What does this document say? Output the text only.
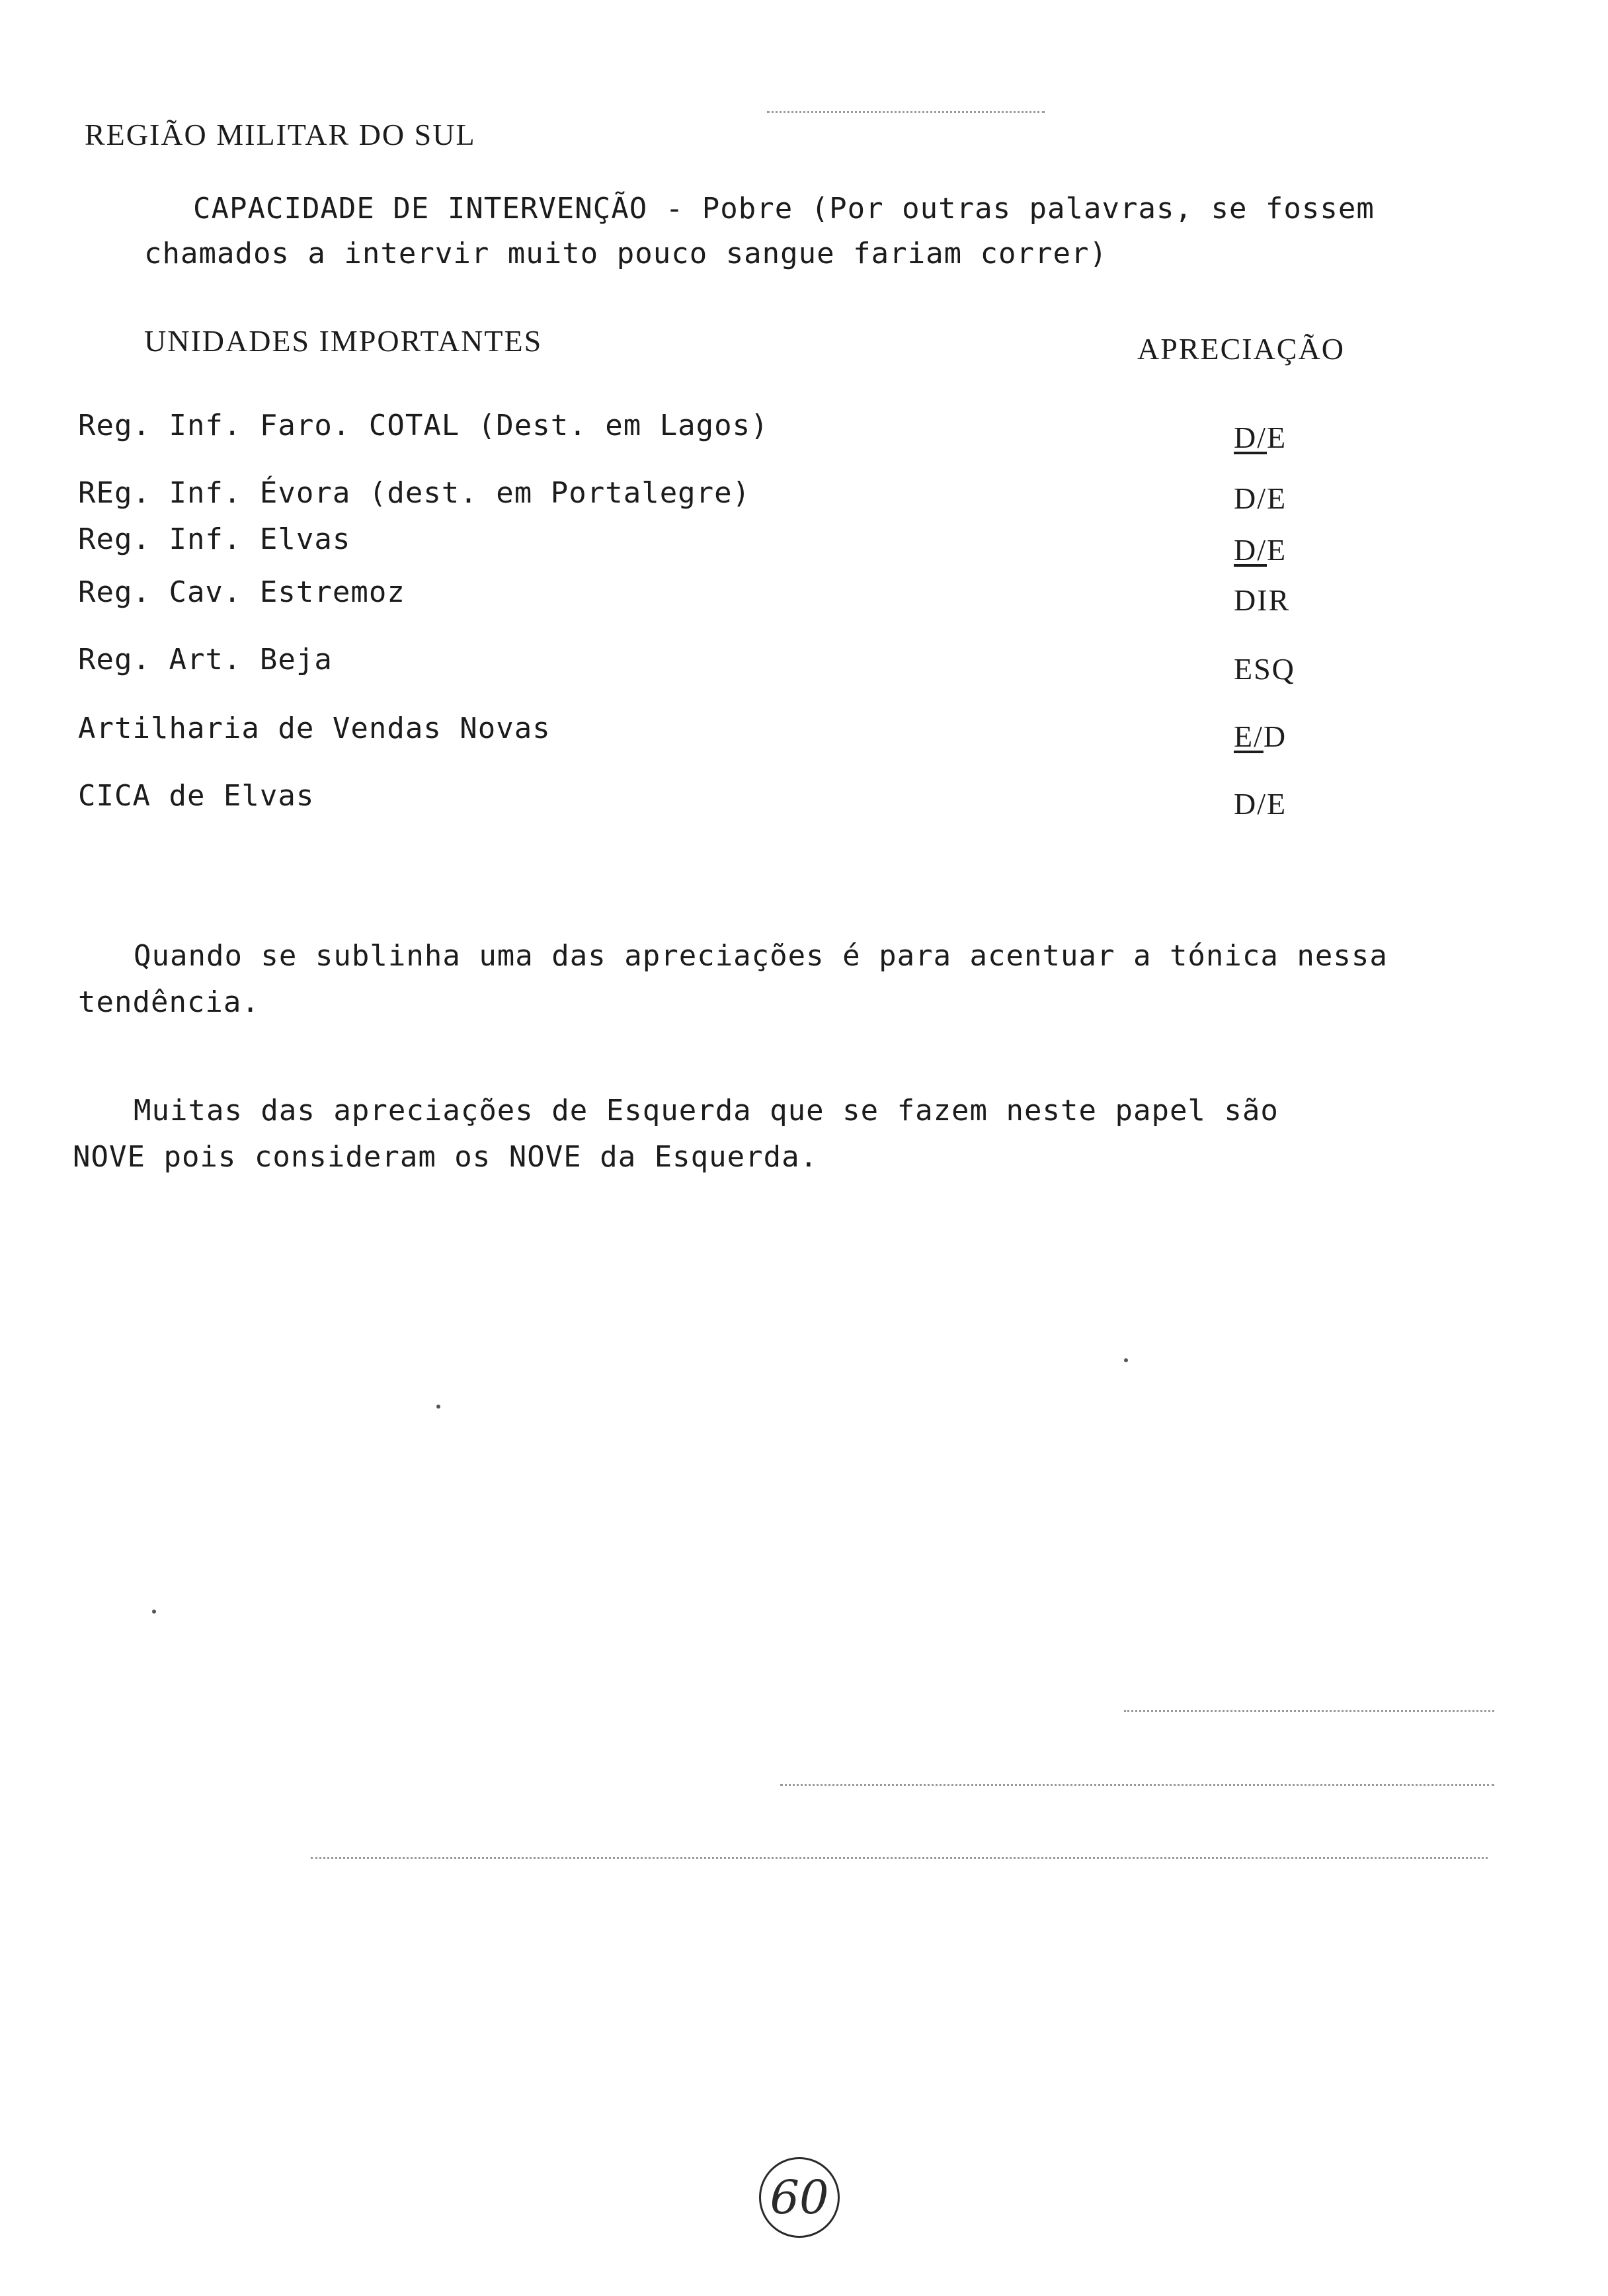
REGIÃO MILITAR DO SUL
CAPACIDADE DE INTERVENÇÃO - Pobre (Por outras palavras, se fossem
chamados a intervir muito pouco sangue fariam correr)
UNIDADES IMPORTANTES	APRECIAÇÃO
Reg. Inf. Faro. COTAL (Dest. em Lagos)	D/E
REg. Inf. Évora (dest. em Portalegre)	D/E
Reg. Inf. Elvas	D/E
Reg. Cav. Estremoz	DIR
Reg. Art. Beja	ESQ
Artilharia de Vendas Novas	E/D
CICA de Elvas	D/E
Quando se sublinha uma das apreciações é para acentuar a tónica nessa
tendência.
Muitas das apreciações de Esquerda que se fazem neste papel são
NOVE pois consideram os NOVE da Esquerda.
60
